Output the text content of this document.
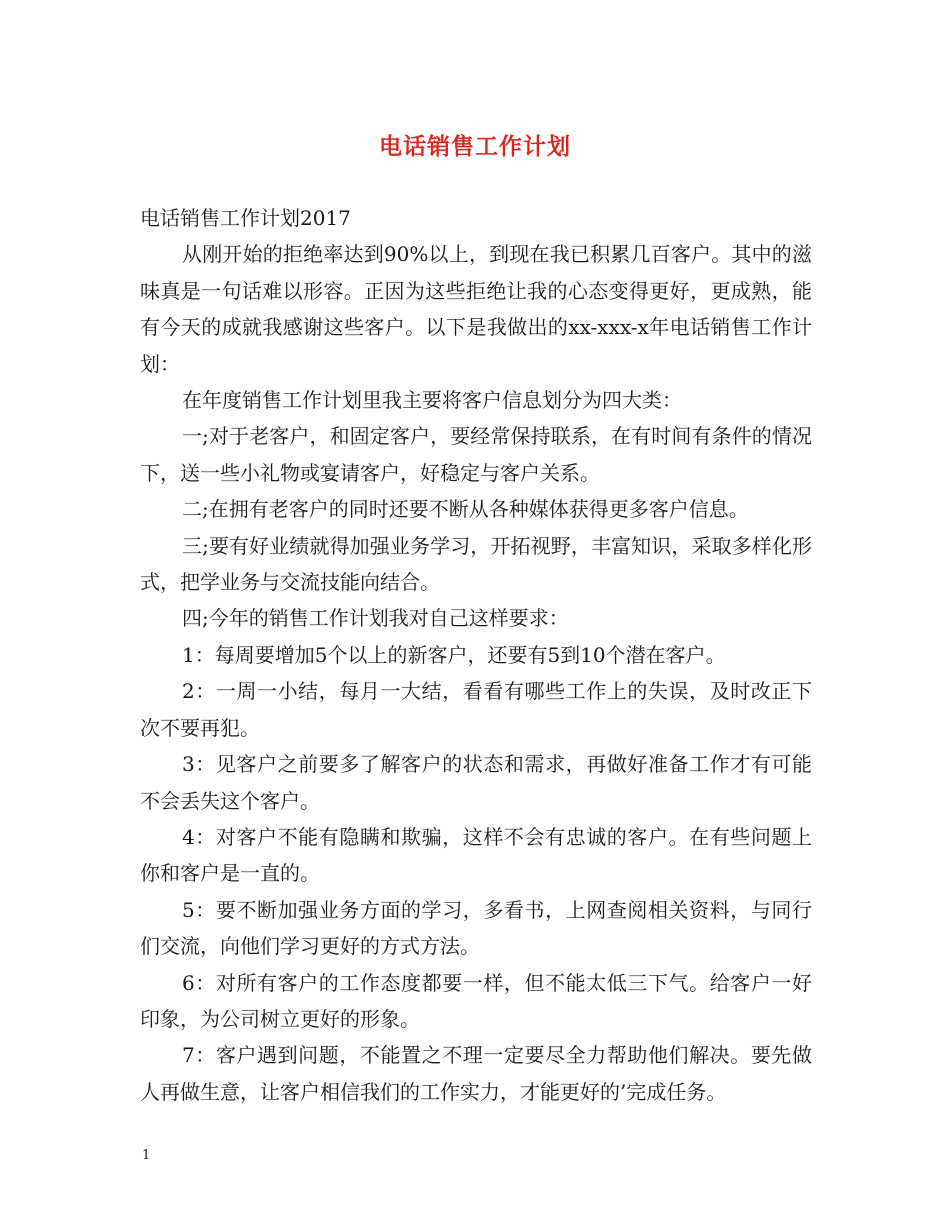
电话销售工作计划

电话销售工作计划2017

从刚开始的拒绝率达到90%以上，到现在我已积累几百客户。其中的滋味真是一句话难以形容。正因为这些拒绝让我的心态变得更好，更成熟，能有今天的成就我感谢这些客户。以下是我做出的xx-xxx-x年电话销售工作计划：

在年度销售工作计划里我主要将客户信息划分为四大类：

一;对于老客户，和固定客户，要经常保持联系，在有时间有条件的情况下，送一些小礼物或宴请客户，好稳定与客户关系。

二;在拥有老客户的同时还要不断从各种媒体获得更多客户信息。

三;要有好业绩就得加强业务学习，开拓视野，丰富知识，采取多样化形式，把学业务与交流技能向结合。

四;今年的销售工作计划我对自己这样要求：

1：每周要增加5个以上的新客户，还要有5到10个潜在客户。

2：一周一小结，每月一大结，看看有哪些工作上的失误，及时改正下次不要再犯。

3：见客户之前要多了解客户的状态和需求，再做好准备工作才有可能不会丢失这个客户。

4：对客户不能有隐瞒和欺骗，这样不会有忠诚的客户。在有些问题上你和客户是一直的。

5：要不断加强业务方面的学习，多看书，上网查阅相关资料，与同行们交流，向他们学习更好的方式方法。

6：对所有客户的工作态度都要一样，但不能太低三下气。给客户一好印象，为公司树立更好的形象。

7：客户遇到问题，不能置之不理一定要尽全力帮助他们解决。要先做人再做生意，让客户相信我们的工作实力，才能更好的’完成任务。

1
